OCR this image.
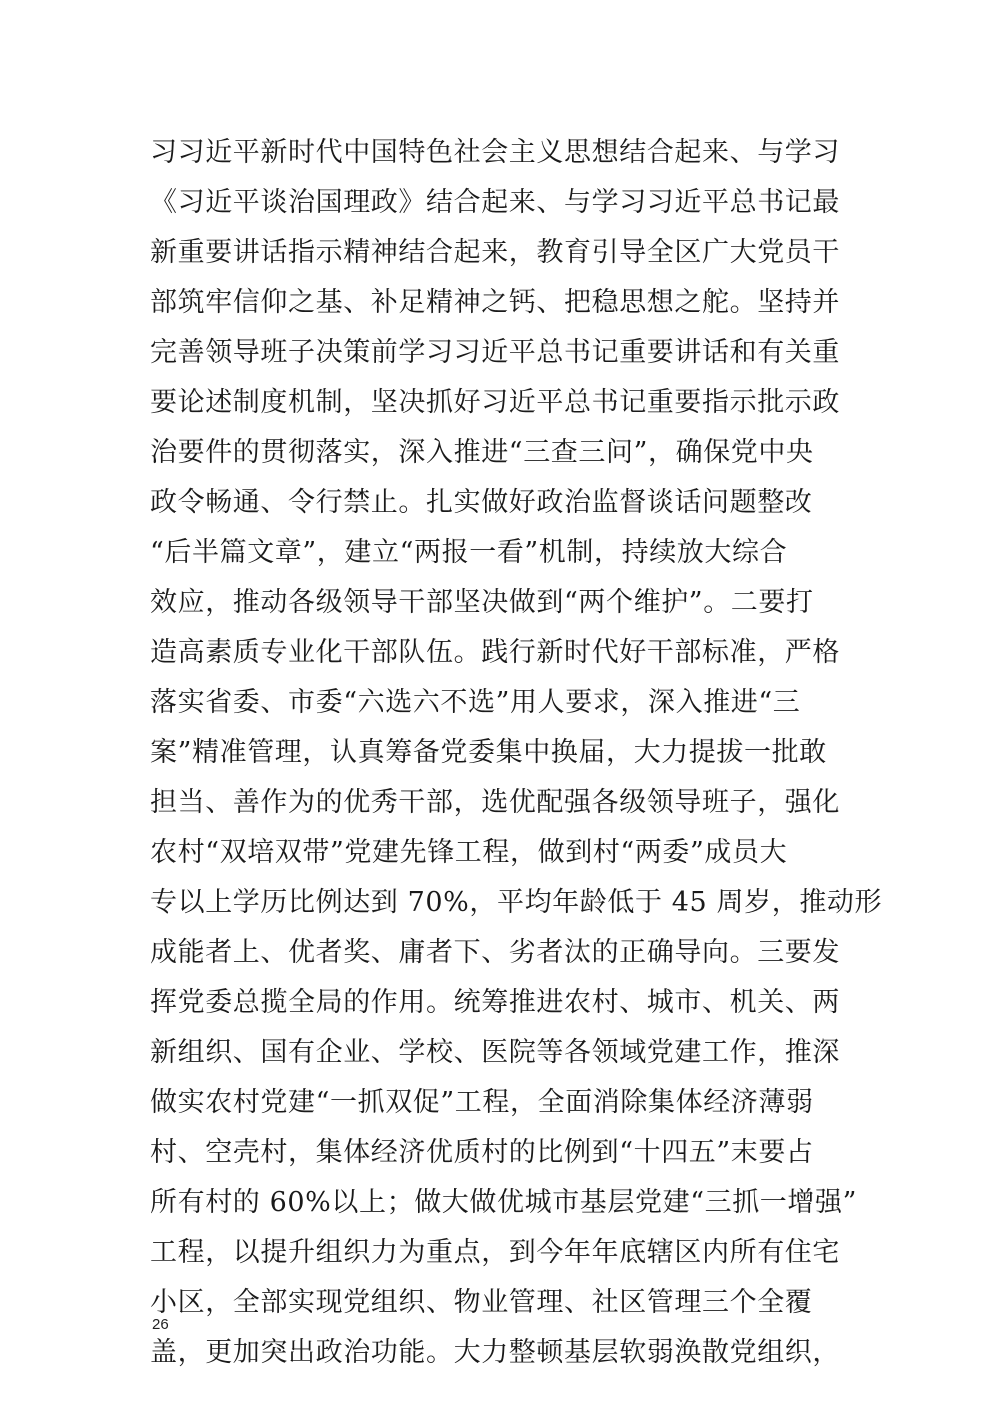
习习近平新时代中国特色社会主义思想结合起来、与学习
《习近平谈治国理政》结合起来、与学习习近平总书记最
新重要讲话指示精神结合起来，教育引导全区广大党员干
部筑牢信仰之基、补足精神之钙、把稳思想之舵。坚持并
完善领导班子决策前学习习近平总书记重要讲话和有关重
要论述制度机制，坚决抓好习近平总书记重要指示批示政
治要件的贯彻落实，深入推进“三查三问”，确保党中央
政令畅通、令行禁止。扎实做好政治监督谈话问题整改
“后半篇文章”，建立“两报一看”机制，持续放大综合
效应，推动各级领导干部坚决做到“两个维护”。二要打
造高素质专业化干部队伍。践行新时代好干部标准，严格
落实省委、市委“六选六不选”用人要求，深入推进“三
案”精准管理，认真筹备党委集中换届，大力提拔一批敢
担当、善作为的优秀干部，选优配强各级领导班子，强化
农村“双培双带”党建先锋工程，做到村“两委”成员大
专以上学历比例达到 70%，平均年龄低于 45 周岁，推动形
成能者上、优者奖、庸者下、劣者汰的正确导向。三要发
挥党委总揽全局的作用。统筹推进农村、城市、机关、两
新组织、国有企业、学校、医院等各领域党建工作，推深
做实农村党建“一抓双促”工程，全面消除集体经济薄弱
村、空壳村，集体经济优质村的比例到“十四五”末要占
所有村的 60%以上；做大做优城市基层党建“三抓一增强”
工程，以提升组织力为重点，到今年年底辖区内所有住宅
小区，全部实现党组织、物业管理、社区管理三个全覆
盖，更加突出政治功能。大力整顿基层软弱涣散党组织，
26
